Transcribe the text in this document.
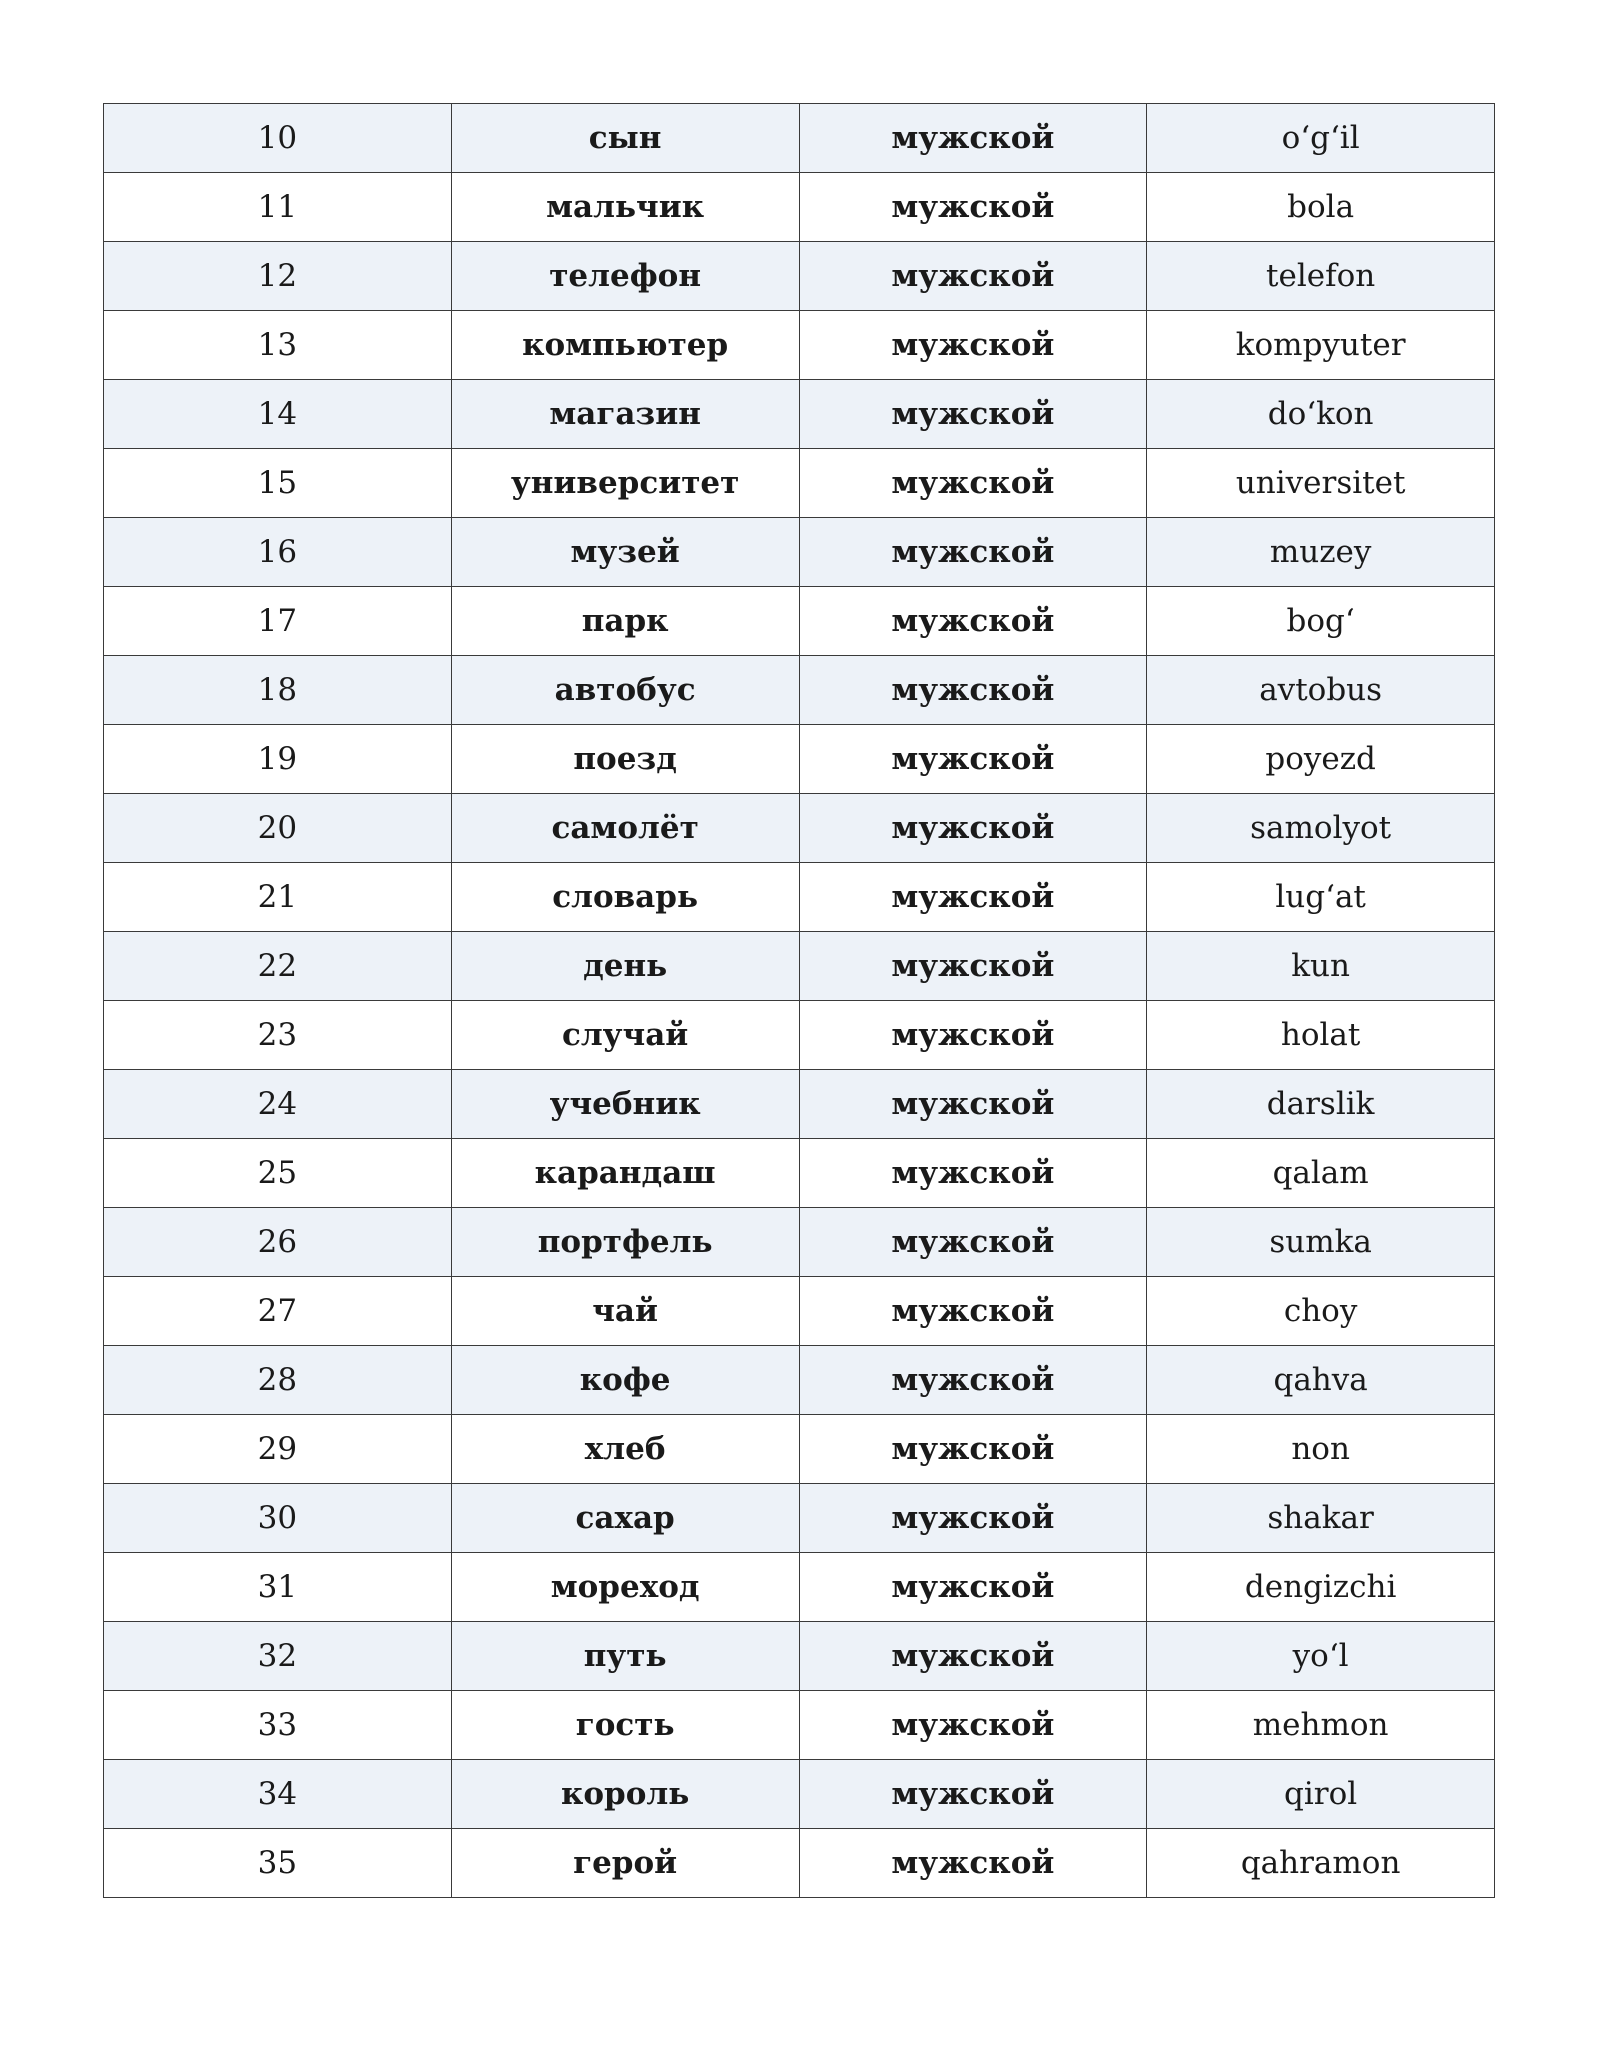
10	сын	мужской	oʻgʻil
11	мальчик	мужской	bola
12	телефон	мужской	telefon
13	компьютер	мужской	kompyuter
14	магазин	мужской	doʻkon
15	университет	мужской	universitet
16	музей	мужской	muzey
17	парк	мужской	bogʻ
18	автобус	мужской	avtobus
19	поезд	мужской	poyezd
20	самолёт	мужской	samolyot
21	словарь	мужской	lugʻat
22	день	мужской	kun
23	случай	мужской	holat
24	учебник	мужской	darslik
25	карандаш	мужской	qalam
26	портфель	мужской	sumka
27	чай	мужской	choy
28	кофе	мужской	qahva
29	хлеб	мужской	non
30	сахар	мужской	shakar
31	мореход	мужской	dengizchi
32	путь	мужской	yoʻl
33	гость	мужской	mehmon
34	король	мужской	qirol
35	герой	мужской	qahramon
